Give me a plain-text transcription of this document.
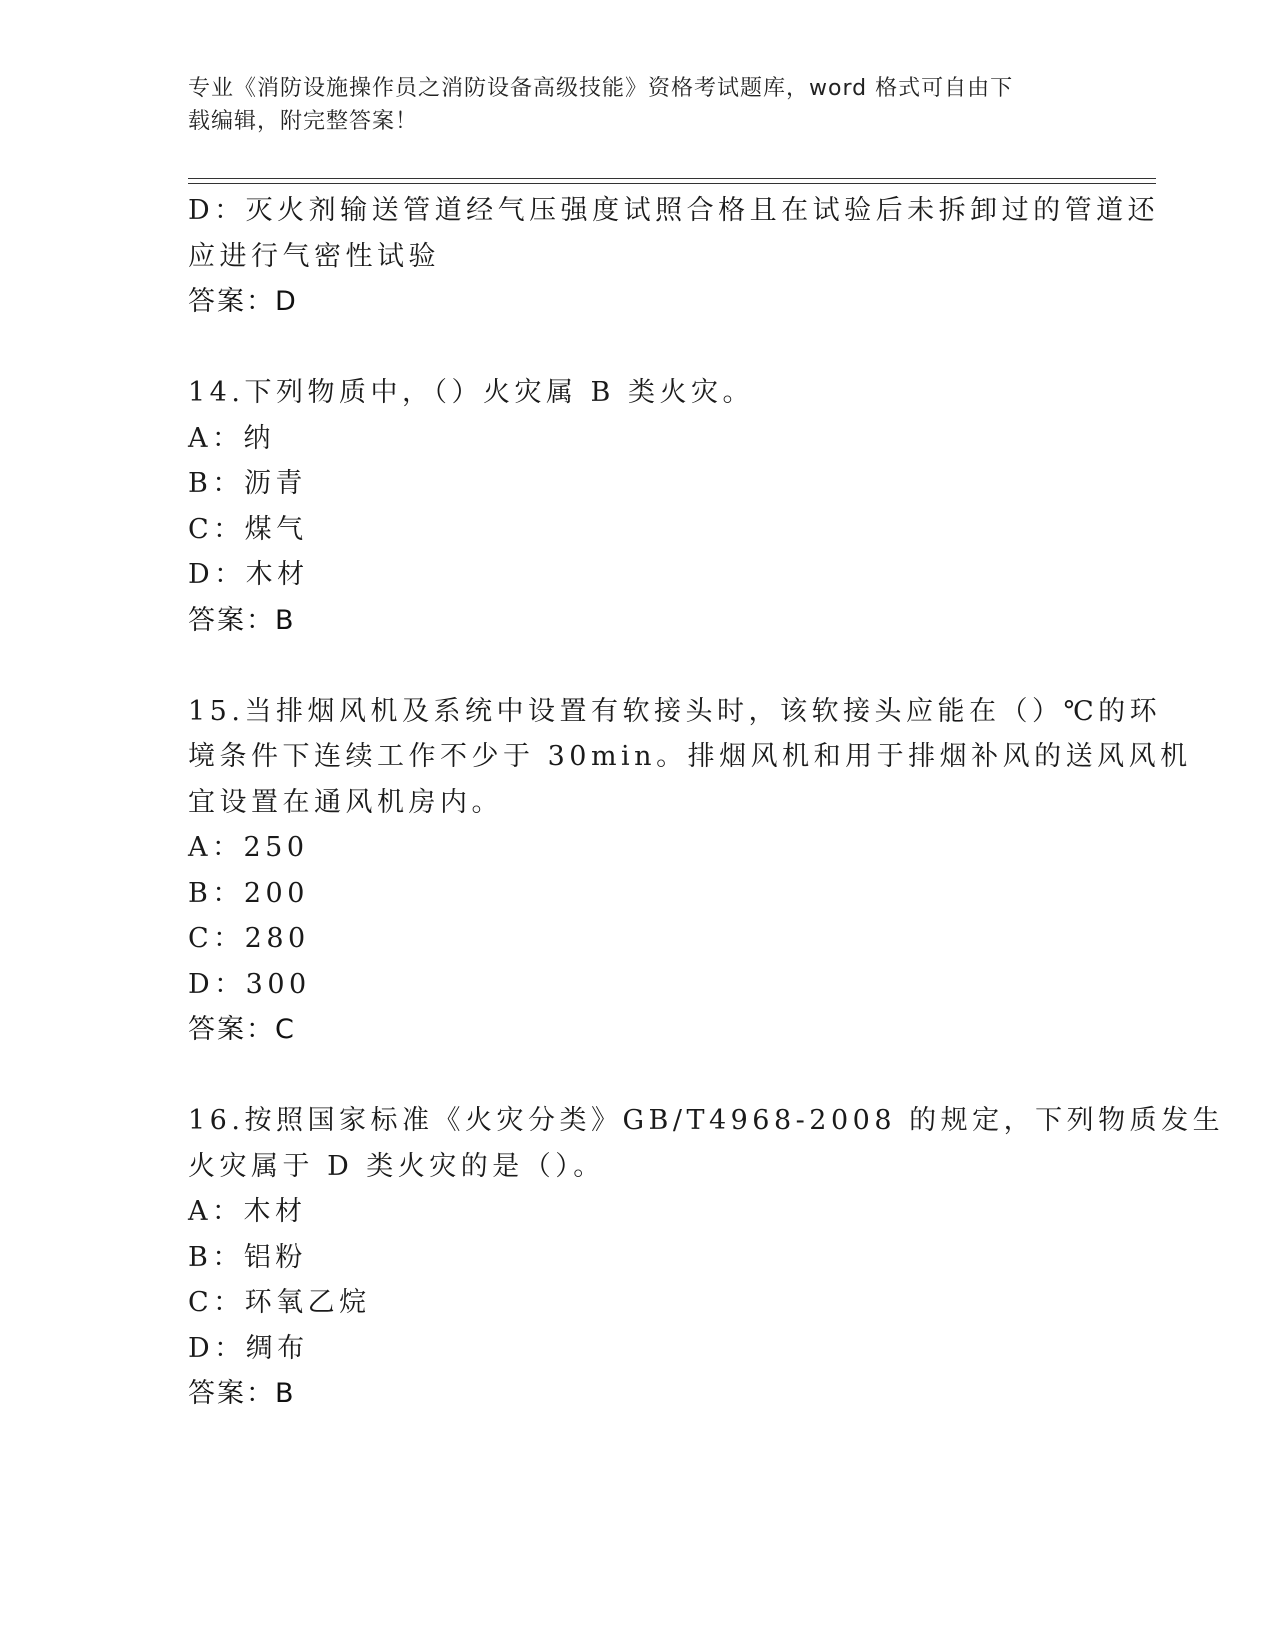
专业《消防设施操作员之消防设备高级技能》资格考试题库，word 格式可自由下
载编辑，附完整答案！
D：灭火剂输送管道经气压强度试照合格且在试验后未拆卸过的管道还
应进行气密性试验
答案：D
14.下列物质中，（）火灾属 B 类火灾。
A：纳
B：沥青
C：煤气
D：木材
答案：B
15.当排烟风机及系统中设置有软接头时，该软接头应能在（）℃的环
境条件下连续工作不少于 30min。排烟风机和用于排烟补风的送风风机
宜设置在通风机房内。
A：250
B：200
C：280
D：300
答案：C
16.按照国家标准《火灾分类》GB/T4968-2008 的规定，下列物质发生
火灾属于 D 类火灾的是（）。
A：木材
B：铝粉
C：环氧乙烷
D：绸布
答案：B
